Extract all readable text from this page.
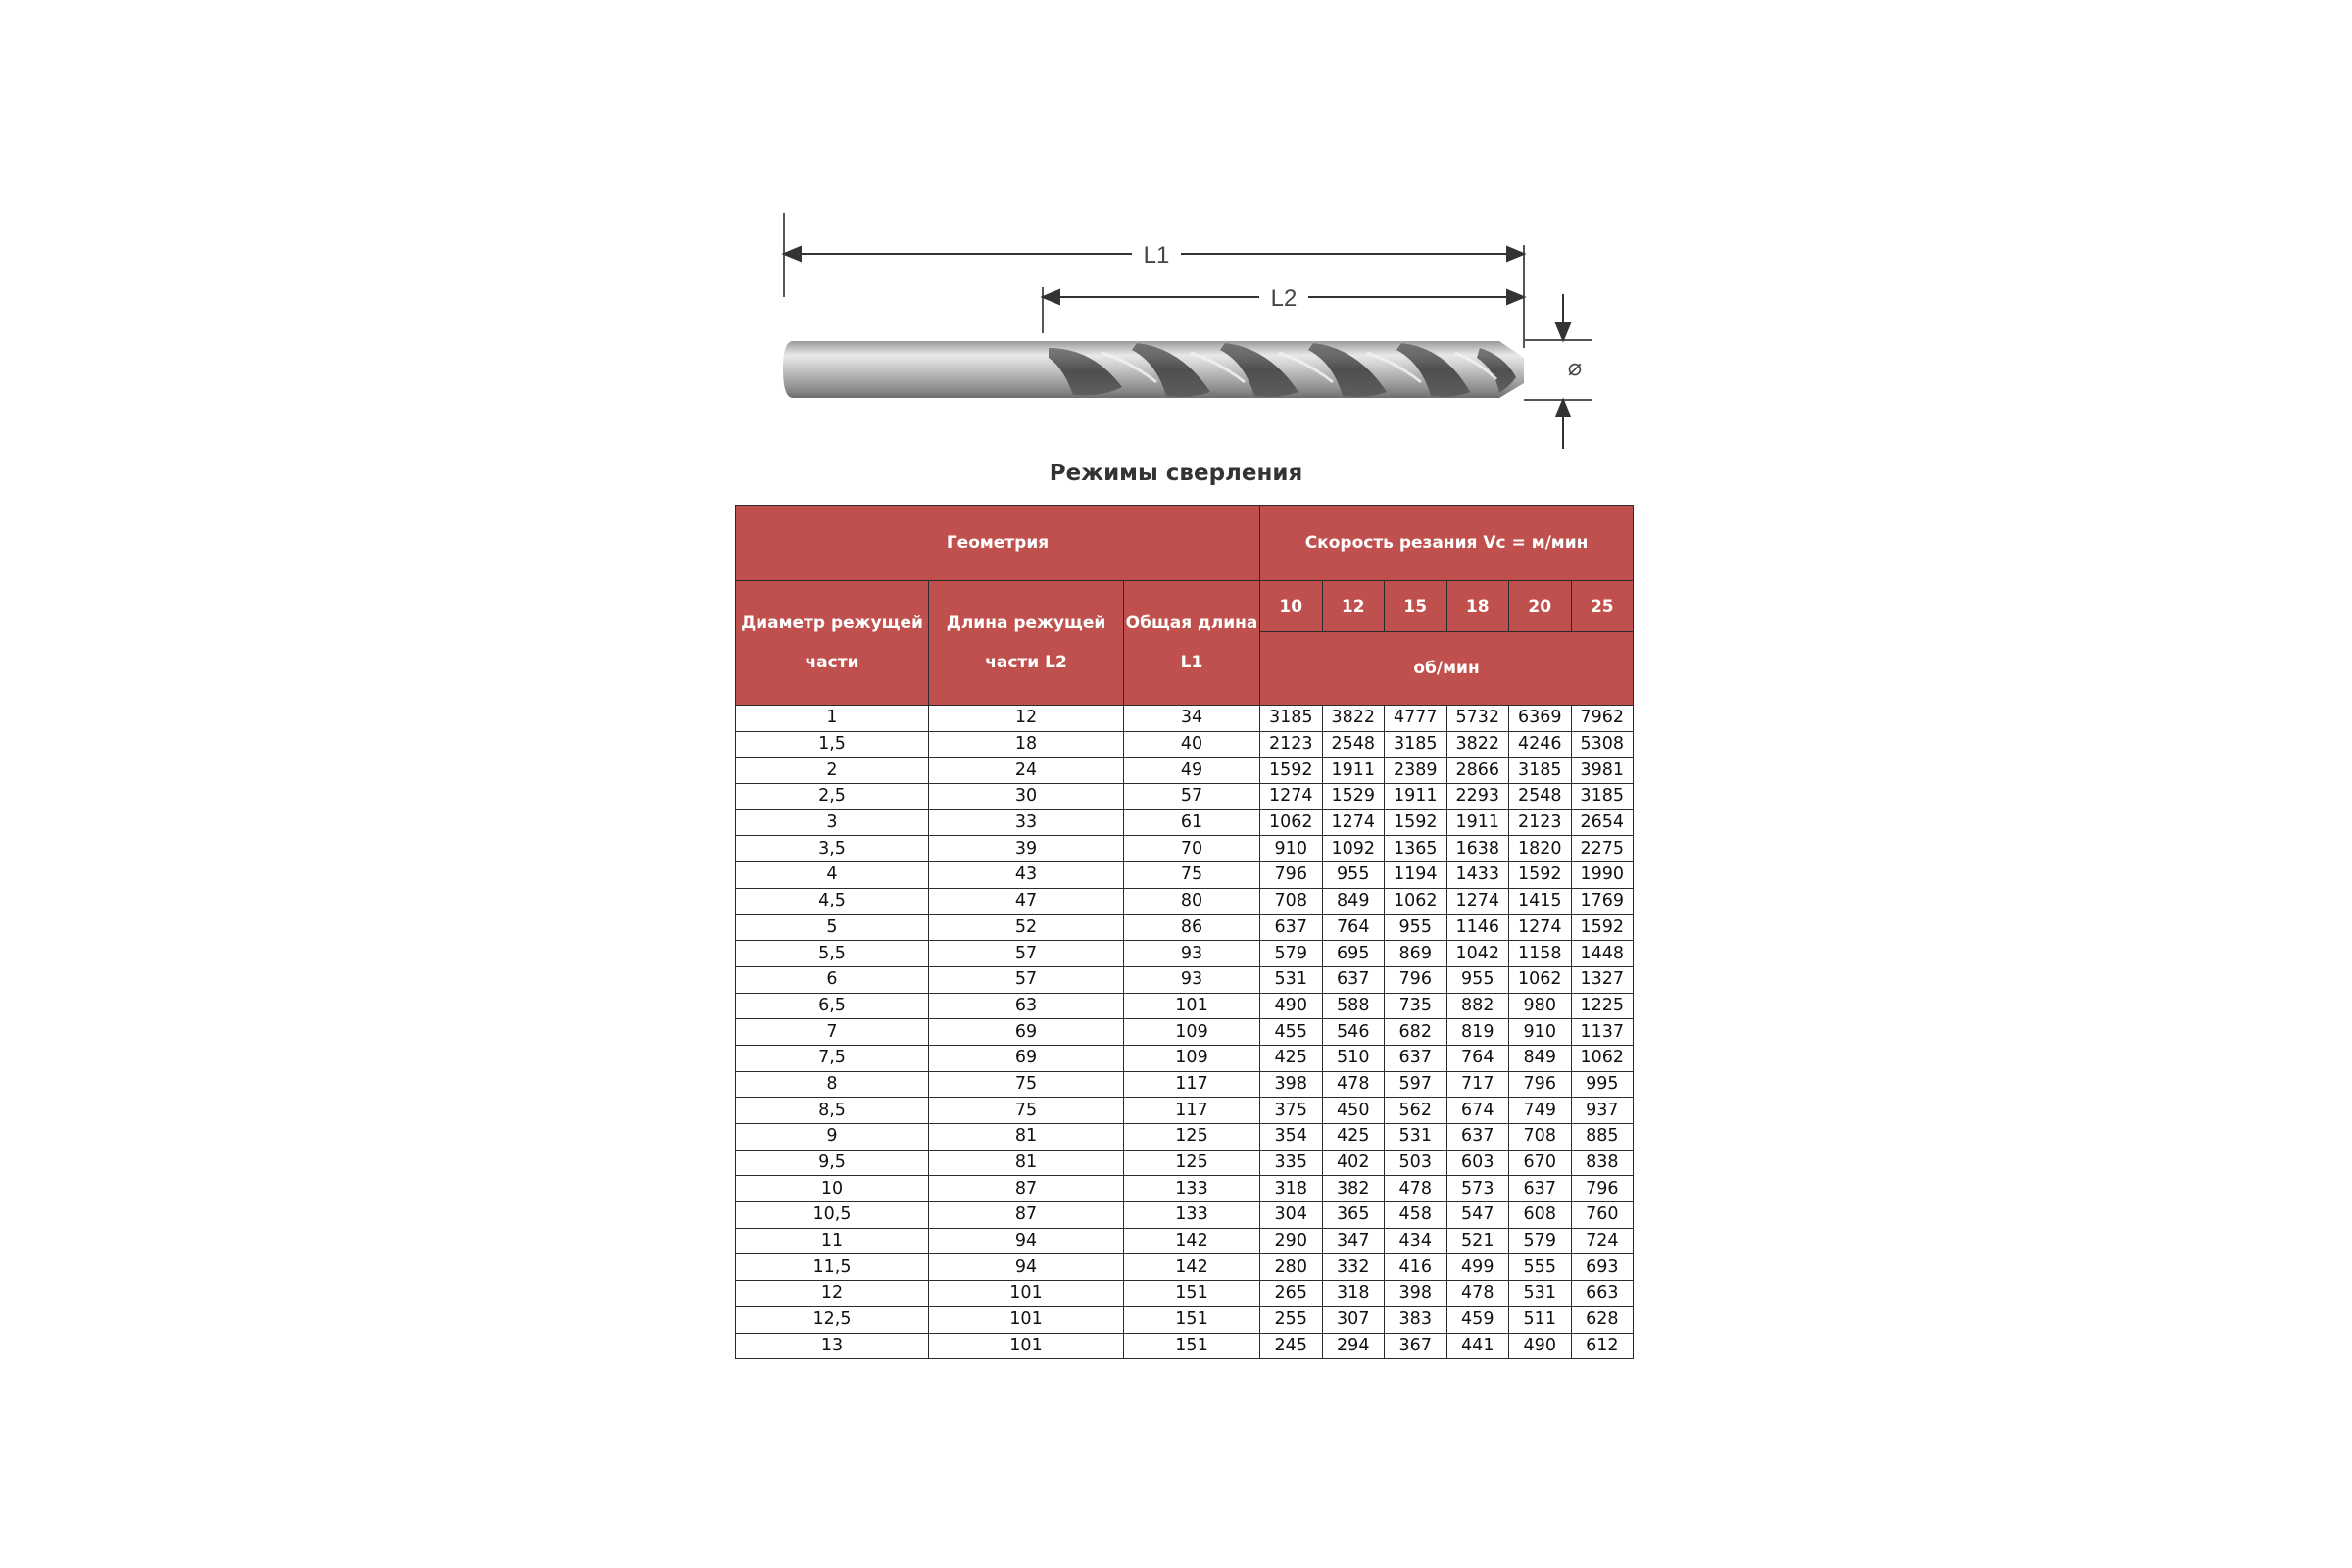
L1
L2
⌀
Режимы сверления
Геометрия			Скорость резания Vc = м/мин					
Диаметр режущей части	Длина режущей части L2	Общая длина L1	10	12	15	18	20	25
			об/мин					
1	12	34	3185	3822	4777	5732	6369	7962
1,5	18	40	2123	2548	3185	3822	4246	5308
2	24	49	1592	1911	2389	2866	3185	3981
2,5	30	57	1274	1529	1911	2293	2548	3185
3	33	61	1062	1274	1592	1911	2123	2654
3,5	39	70	910	1092	1365	1638	1820	2275
4	43	75	796	955	1194	1433	1592	1990
4,5	47	80	708	849	1062	1274	1415	1769
5	52	86	637	764	955	1146	1274	1592
5,5	57	93	579	695	869	1042	1158	1448
6	57	93	531	637	796	955	1062	1327
6,5	63	101	490	588	735	882	980	1225
7	69	109	455	546	682	819	910	1137
7,5	69	109	425	510	637	764	849	1062
8	75	117	398	478	597	717	796	995
8,5	75	117	375	450	562	674	749	937
9	81	125	354	425	531	637	708	885
9,5	81	125	335	402	503	603	670	838
10	87	133	318	382	478	573	637	796
10,5	87	133	304	365	458	547	608	760
11	94	142	290	347	434	521	579	724
11,5	94	142	280	332	416	499	555	693
12	101	151	265	318	398	478	531	663
12,5	101	151	255	307	383	459	511	628
13	101	151	245	294	367	441	490	612
